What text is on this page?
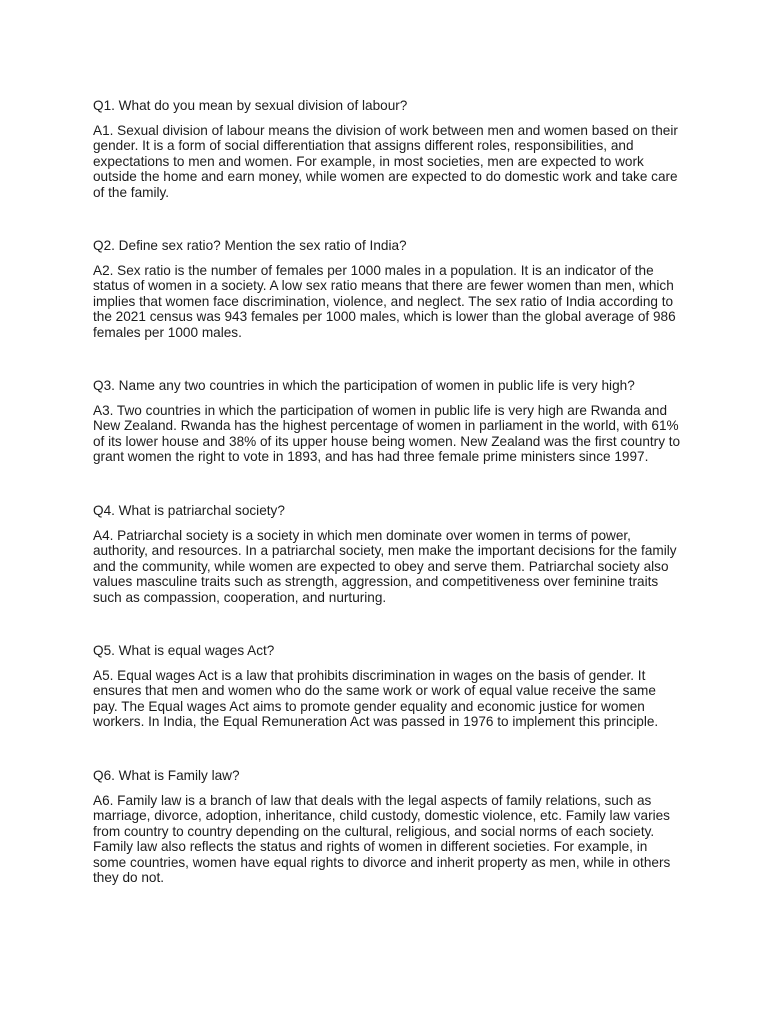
Q1. What do you mean by sexual division of labour?

A1. Sexual division of labour means the division of work between men and women based on their gender. It is a form of social differentiation that assigns different roles, responsibilities, and expectations to men and women. For example, in most societies, men are expected to work outside the home and earn money, while women are expected to do domestic work and take care of the family.

Q2. Define sex ratio? Mention the sex ratio of India?

A2. Sex ratio is the number of females per 1000 males in a population. It is an indicator of the status of women in a society. A low sex ratio means that there are fewer women than men, which implies that women face discrimination, violence, and neglect. The sex ratio of India according to the 2021 census was 943 females per 1000 males, which is lower than the global average of 986 females per 1000 males.

Q3. Name any two countries in which the participation of women in public life is very high?

A3. Two countries in which the participation of women in public life is very high are Rwanda and New Zealand. Rwanda has the highest percentage of women in parliament in the world, with 61% of its lower house and 38% of its upper house being women. New Zealand was the first country to grant women the right to vote in 1893, and has had three female prime ministers since 1997.

Q4. What is patriarchal society?

A4. Patriarchal society is a society in which men dominate over women in terms of power, authority, and resources. In a patriarchal society, men make the important decisions for the family and the community, while women are expected to obey and serve them. Patriarchal society also values masculine traits such as strength, aggression, and competitiveness over feminine traits such as compassion, cooperation, and nurturing.

Q5. What is equal wages Act?

A5. Equal wages Act is a law that prohibits discrimination in wages on the basis of gender. It ensures that men and women who do the same work or work of equal value receive the same pay. The Equal wages Act aims to promote gender equality and economic justice for women workers. In India, the Equal Remuneration Act was passed in 1976 to implement this principle.

Q6. What is Family law?

A6. Family law is a branch of law that deals with the legal aspects of family relations, such as marriage, divorce, adoption, inheritance, child custody, domestic violence, etc. Family law varies from country to country depending on the cultural, religious, and social norms of each society. Family law also reflects the status and rights of women in different societies. For example, in some countries, women have equal rights to divorce and inherit property as men, while in others they do not.
